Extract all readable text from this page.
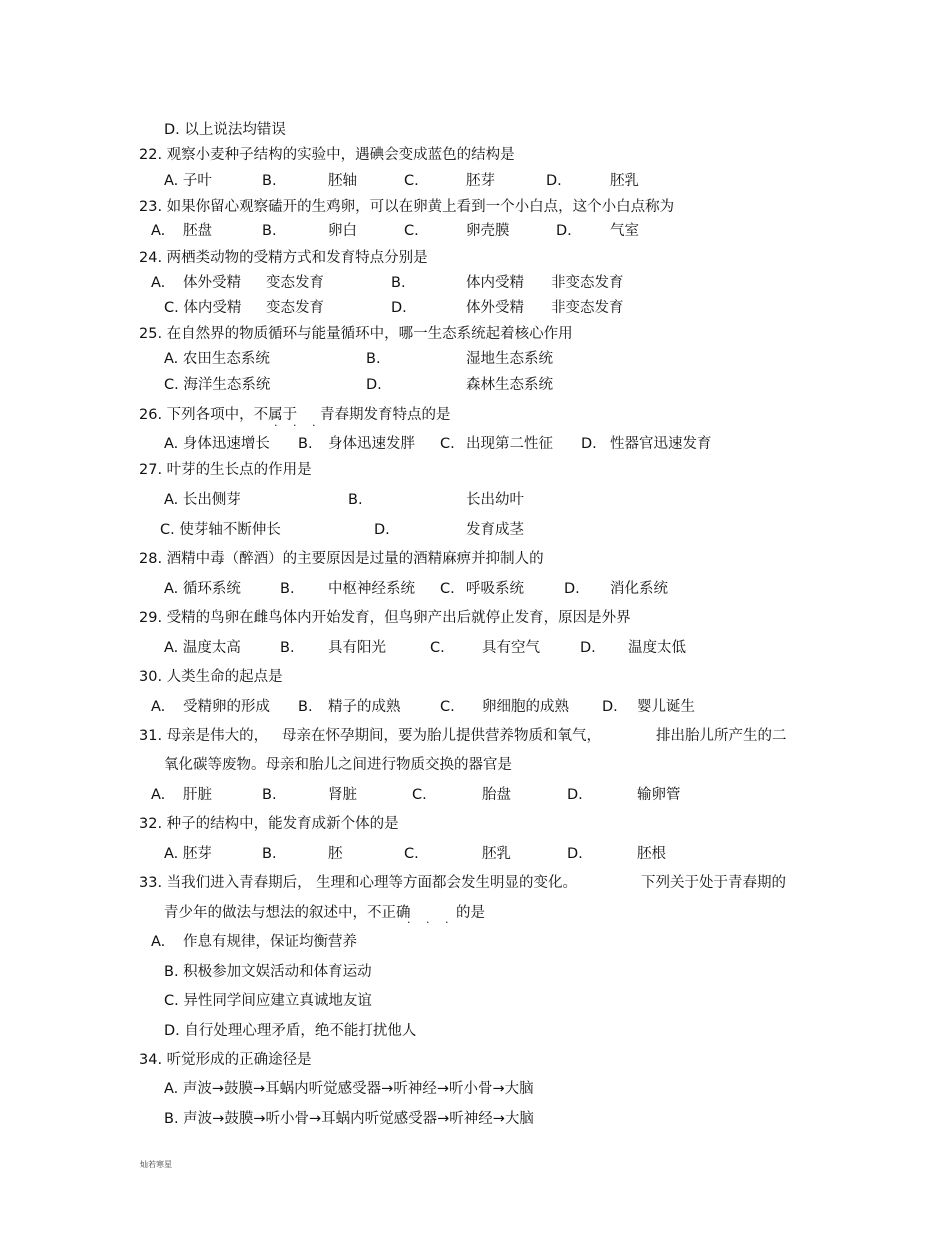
D. 以上说法均错误
22. 观察小麦种子结构的实验中，遇碘会变成蓝色的结构是
A. 子叶	B.	胚轴	C.	胚芽	D.	胚乳
23. 如果你留心观察磕开的生鸡卵，可以在卵黄上看到一个小白点，这个小白点称为
A. 胚盘	B.	卵白	C.	卵壳膜	D.	气室
24. 两栖类动物的受精方式和发育特点分别是
A. 体外受精 变态发育	B.	体内受精 非变态发育
C. 体内受精 变态发育	D.	体外受精 非变态发育
25. 在自然界的物质循环与能量循环中，哪一生态系统起着核心作用
A. 农田生态系统	B.	湿地生态系统
C. 海洋生态系统	D.	森林生态系统
26. 下列各项中，不属于 青春期发育特点的是
· · ·
A. 身体迅速增长 B. 身体迅速发胖 C. 出现第二性征 D. 性器官迅速发育
27. 叶芽的生长点的作用是
A. 长出侧芽	B.	长出幼叶
C. 使芽轴不断伸长	D.	发育成茎
28. 酒精中毒（醉酒）的主要原因是过量的酒精麻痹并抑制人的
A. 循环系统	B. 中枢神经系统 C. 呼吸系统	D. 消化系统
29. 受精的鸟卵在雌鸟体内开始发育，但鸟卵产出后就停止发育，原因是外界
A. 温度太高	B. 具有阳光	C.	具有空气	D. 温度太低
30. 人类生命的起点是
A. 受精卵的形成 B. 精子的成熟	C. 卵细胞的成熟 D. 婴儿诞生
31. 母亲是伟大的， 母亲在怀孕期间，要为胎儿提供营养物质和氧气，	排出胎儿所产生的二
氧化碳等废物。母亲和胎儿之间进行物质交换的器官是
A. 肝脏	B.	肾脏	C.	胎盘	D.	输卵管
32. 种子的结构中，能发育成新个体的是
A. 胚芽	B.	胚	C.	胚乳	D.	胚根
33. 当我们进入青春期后， 生理和心理等方面都会发生明显的变化。	下列关于处于青春期的
青少年的做法与想法的叙述中，不正确	的是
· · ·
A. 作息有规律，保证均衡营养
B. 积极参加文娱活动和体育运动
C. 异性同学间应建立真诚地友谊
D. 自行处理心理矛盾，绝不能打扰他人
34. 听觉形成的正确途径是
A. 声波→鼓膜→耳蜗内听觉感受器→听神经→听小骨→大脑
B. 声波→鼓膜→听小骨→耳蜗内听觉感受器→听神经→大脑
灿若寒星
